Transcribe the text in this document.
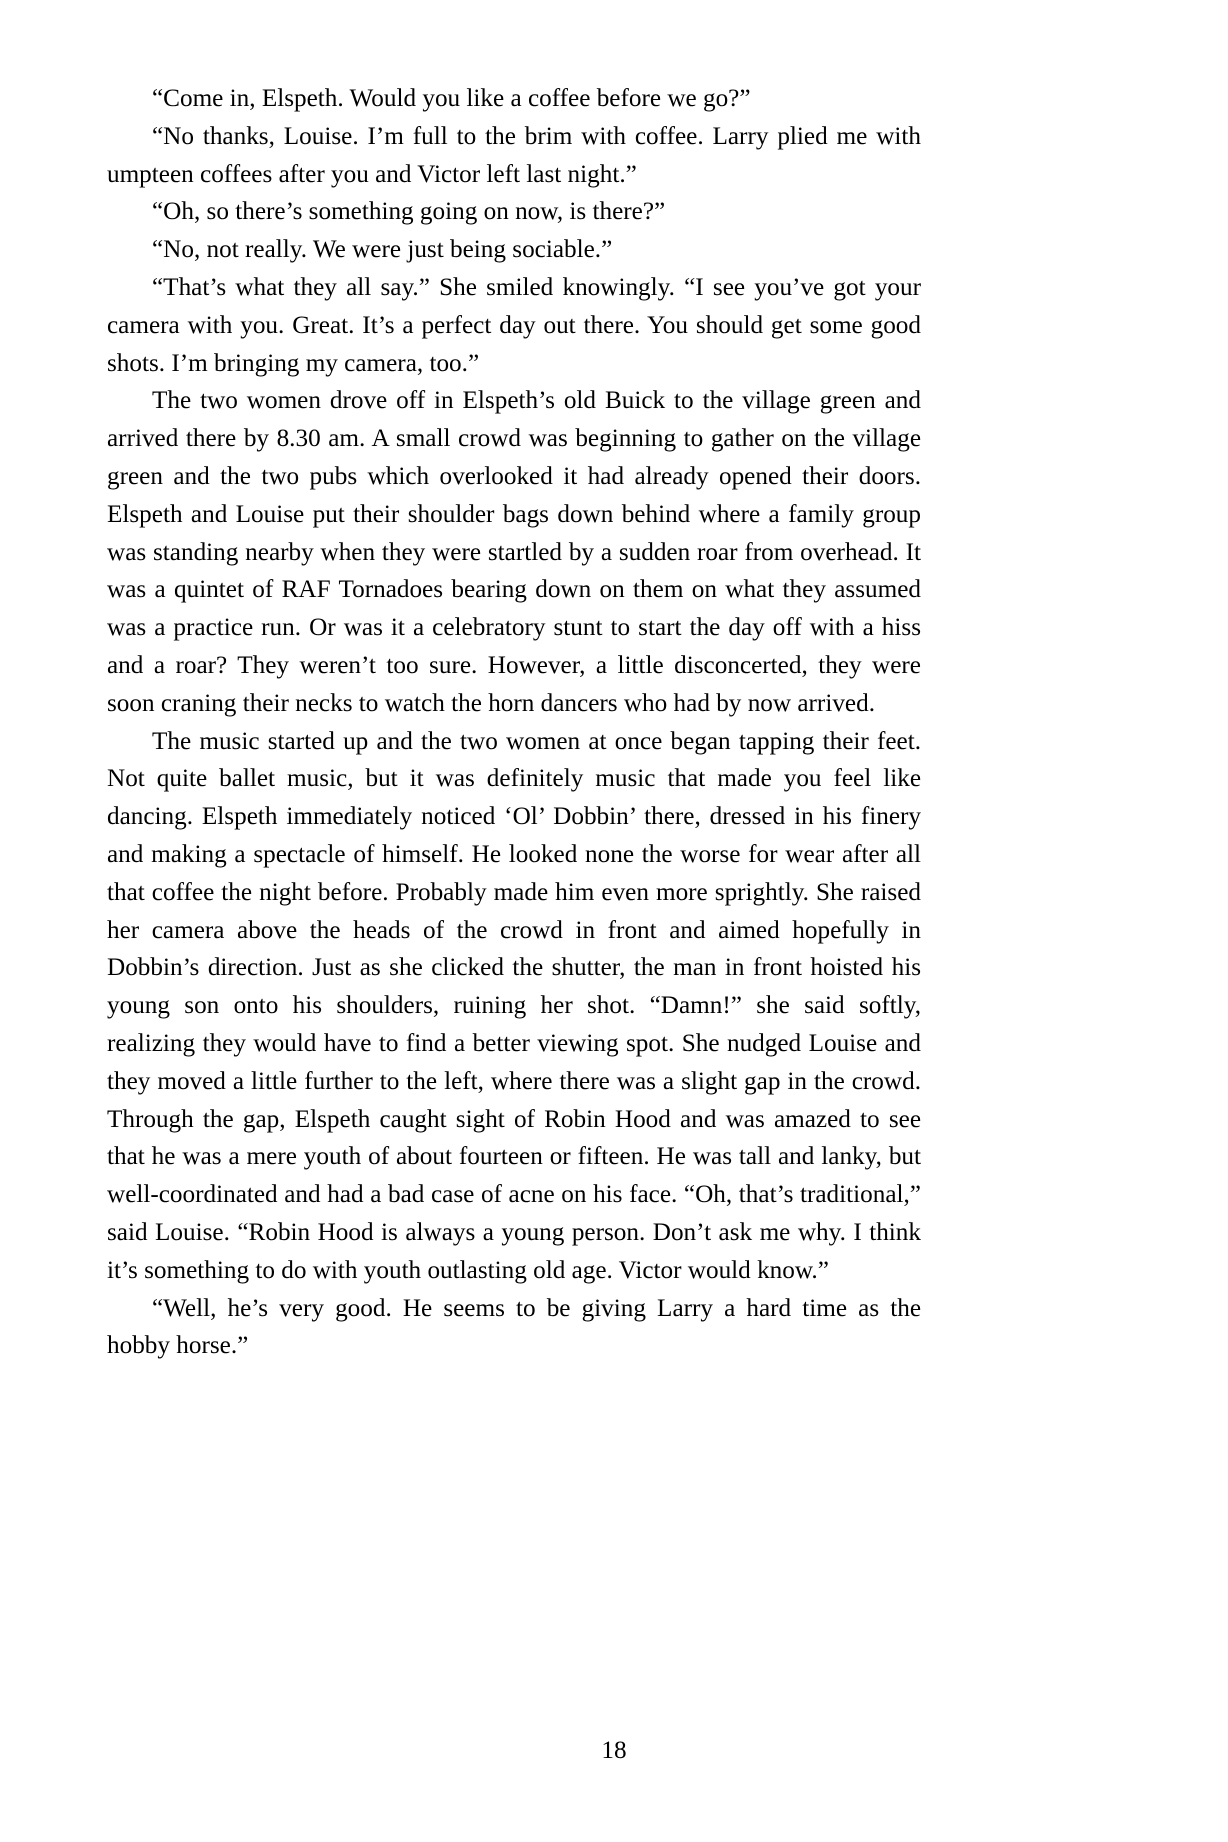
“Come in, Elspeth. Would you like a coffee before we go?”

“No thanks, Louise. I’m full to the brim with coffee. Larry plied me with umpteen coffees after you and Victor left last night.”

“Oh, so there’s something going on now, is there?”

“No, not really. We were just being sociable.”

“That’s what they all say.” She smiled knowingly. “I see you’ve got your camera with you. Great. It’s a perfect day out there. You should get some good shots. I’m bringing my camera, too.”

The two women drove off in Elspeth’s old Buick to the village green and arrived there by 8.30 am. A small crowd was beginning to gather on the village green and the two pubs which overlooked it had already opened their doors. Elspeth and Louise put their shoulder bags down behind where a family group was standing nearby when they were startled by a sudden roar from overhead. It was a quintet of RAF Tornadoes bearing down on them on what they assumed was a practice run. Or was it a celebratory stunt to start the day off with a hiss and a roar? They weren’t too sure. However, a little disconcerted, they were soon craning their necks to watch the horn dancers who had by now arrived.

The music started up and the two women at once began tapping their feet. Not quite ballet music, but it was definitely music that made you feel like dancing. Elspeth immediately noticed ‘Ol’ Dobbin’ there, dressed in his finery and making a spectacle of himself. He looked none the worse for wear after all that coffee the night before. Probably made him even more sprightly. She raised her camera above the heads of the crowd in front and aimed hopefully in Dobbin’s direction. Just as she clicked the shutter, the man in front hoisted his young son onto his shoulders, ruining her shot. “Damn!” she said softly, realizing they would have to find a better viewing spot. She nudged Louise and they moved a little further to the left, where there was a slight gap in the crowd. Through the gap, Elspeth caught sight of Robin Hood and was amazed to see that he was a mere youth of about fourteen or fifteen. He was tall and lanky, but well-coordinated and had a bad case of acne on his face. “Oh, that’s traditional,” said Louise. “Robin Hood is always a young person. Don’t ask me why. I think it’s something to do with youth outlasting old age. Victor would know.”

“Well, he’s very good. He seems to be giving Larry a hard time as the hobby horse.”

18
